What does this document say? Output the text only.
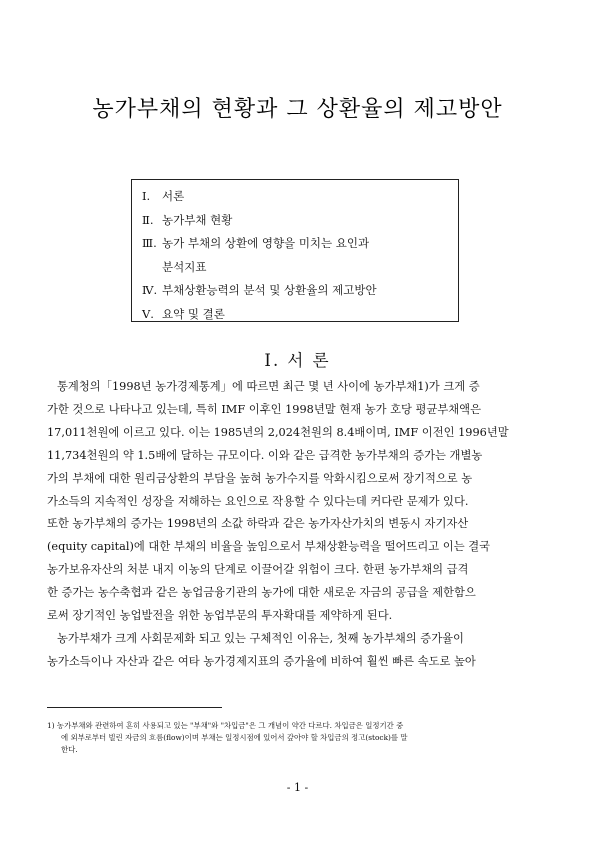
농가부채의 현황과 그 상환율의 제고방안
Ⅰ. 서론
Ⅱ. 농가부채 현황
Ⅲ. 농가 부채의 상환에 영향을 미치는 요인과
분석지표
Ⅳ. 부채상환능력의 분석 및 상환율의 제고방안
Ⅴ. 요약 및 결론
Ⅰ. 서 론
통계청의「1998년 농가경제통계」에 따르면 최근 몇 년 사이에 농가부채1)가 크게 증
가한 것으로 나타나고 있는데, 특히 IMF 이후인 1998년말 현재 농가 호당 평균부채액은
17,011천원에 이르고 있다. 이는 1985년의 2,024천원의 8.4배이며, IMF 이전인 1996년말
11,734천원의 약 1.5배에 달하는 규모이다. 이와 같은 급격한 농가부채의 증가는 개별농
가의 부채에 대한 원리금상환의 부담을 높혀 농가수지를 악화시킴으로써 장기적으로 농
가소득의 지속적인 성장을 저해하는 요인으로 작용할 수 있다는데 커다란 문제가 있다.
또한 농가부채의 증가는 1998년의 소값 하락과 같은 농가자산가치의 변동시 자기자산
(equity capital)에 대한 부채의 비율을 높임으로서 부채상환능력을 떨어뜨리고 이는 결국
농가보유자산의 처분 내지 이농의 단계로 이끌어갈 위험이 크다. 한편 농가부채의 급격
한 증가는 농수축협과 같은 농업금융기관의 농가에 대한 새로운 자금의 공급을 제한함으
로써 장기적인 농업발전을 위한 농업부문의 투자확대를 제약하게 된다.
농가부채가 크게 사회문제화 되고 있는 구체적인 이유는, 첫째 농가부채의 증가율이
농가소득이나 자산과 같은 여타 농가경제지표의 증가율에 비하여 훨씬 빠른 속도로 높아
1) 농가부채와 관련하여 흔히 사용되고 있는 "부채"와 "차입금"은 그 개념이 약간 다르다. 차입금은 일정기간 중
에 외부로부터 빌린 자금의 흐름(flow)이며 부채는 일정시점에 있어서 갚아야 할 차입금의 정고(stock)를 말
한다.
- 1 -
